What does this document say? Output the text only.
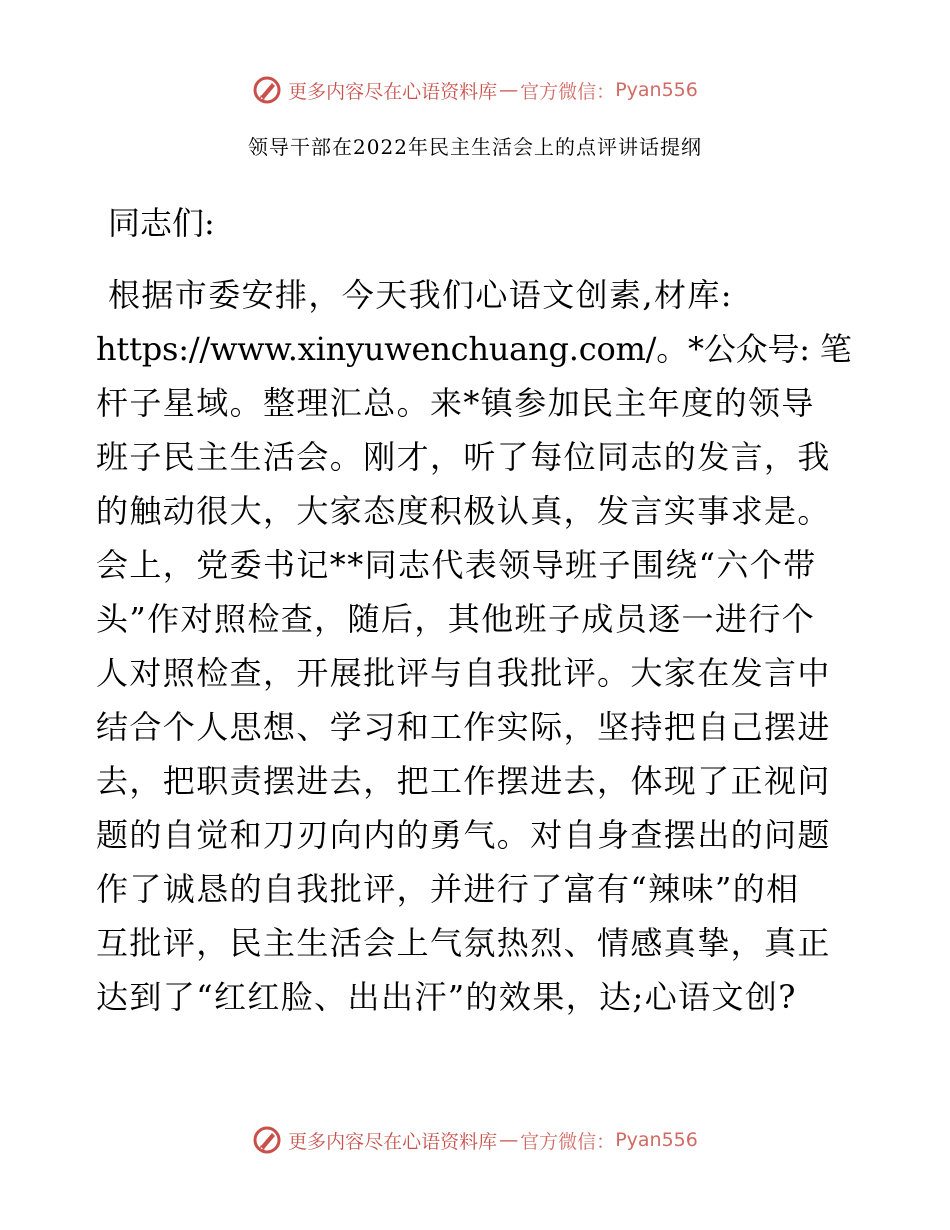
更多内容尽在心语资料库 — 官方微信： Pyan556
领导干部在2022年民主生活会上的点评讲话提纲
同志们:
根据市委安排，今天我们心语文创素,材库:
https://www.xinyuwenchuang.com/。*公众号: 笔
杆子星域。整理汇总。来*镇参加民主年度的领导
班子民主生活会。刚才，听了每位同志的发言，我
的触动很大，大家态度积极认真，发言实事求是。
会上，党委书记**同志代表领导班子围绕“六个带
头”作对照检查，随后，其他班子成员逐一进行个
人对照检查，开展批评与自我批评。大家在发言中
结合个人思想、学习和工作实际，坚持把自己摆进
去，把职责摆进去，把工作摆进去，体现了正视问
题的自觉和刀刃向内的勇气。对自身查摆出的问题
作了诚恳的自我批评，并进行了富有“辣味”的相
互批评，民主生活会上气氛热烈、情感真挚，真正
达到了“红红脸、出出汗”的效果，达;心语文创?
更多内容尽在心语资料库 — 官方微信： Pyan556
